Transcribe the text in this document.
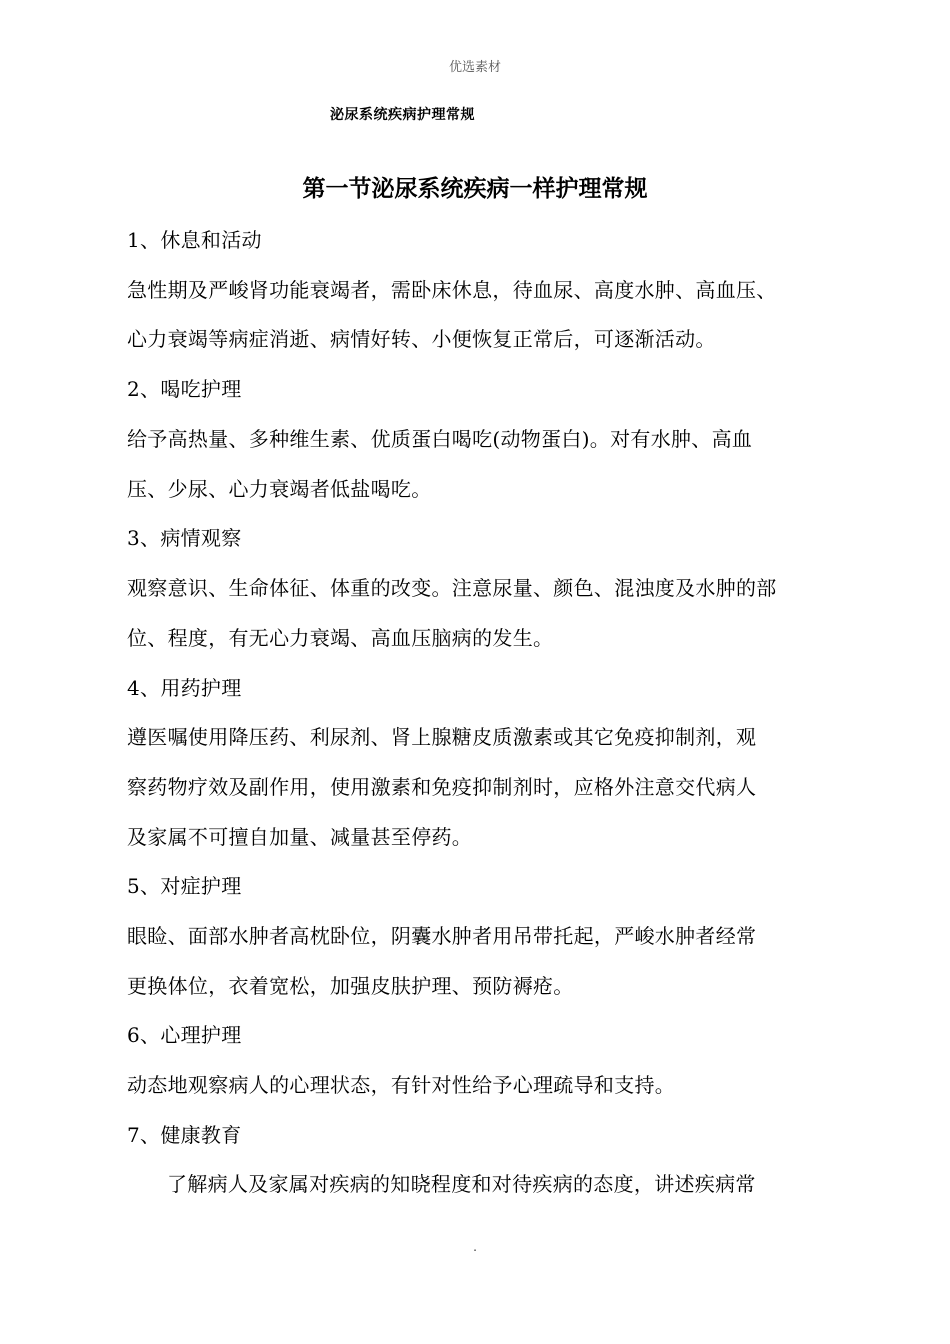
优选素材
泌尿系统疾病护理常规
第一节泌尿系统疾病一样护理常规
1、休息和活动
急性期及严峻肾功能衰竭者，需卧床休息，待血尿、高度水肿、高血压、
心力衰竭等病症消逝、病情好转、小便恢复正常后，可逐渐活动。
2、喝吃护理
给予高热量、多种维生素、优质蛋白喝吃(动物蛋白)。对有水肿、高血
压、少尿、心力衰竭者低盐喝吃。
3、病情观察
观察意识、生命体征、体重的改变。注意尿量、颜色、混浊度及水肿的部
位、程度，有无心力衰竭、高血压脑病的发生。
4、用药护理
遵医嘱使用降压药、利尿剂、肾上腺糖皮质激素或其它免疫抑制剂，观
察药物疗效及副作用，使用激素和免疫抑制剂时，应格外注意交代病人
及家属不可擅自加量、减量甚至停药。
5、对症护理
眼睑、面部水肿者高枕卧位，阴囊水肿者用吊带托起，严峻水肿者经常
更换体位，衣着宽松，加强皮肤护理、预防褥疮。
6、心理护理
动态地观察病人的心理状态，有针对性给予心理疏导和支持。
7、健康教育
了解病人及家属对疾病的知晓程度和对待疾病的态度，讲述疾病常
.
